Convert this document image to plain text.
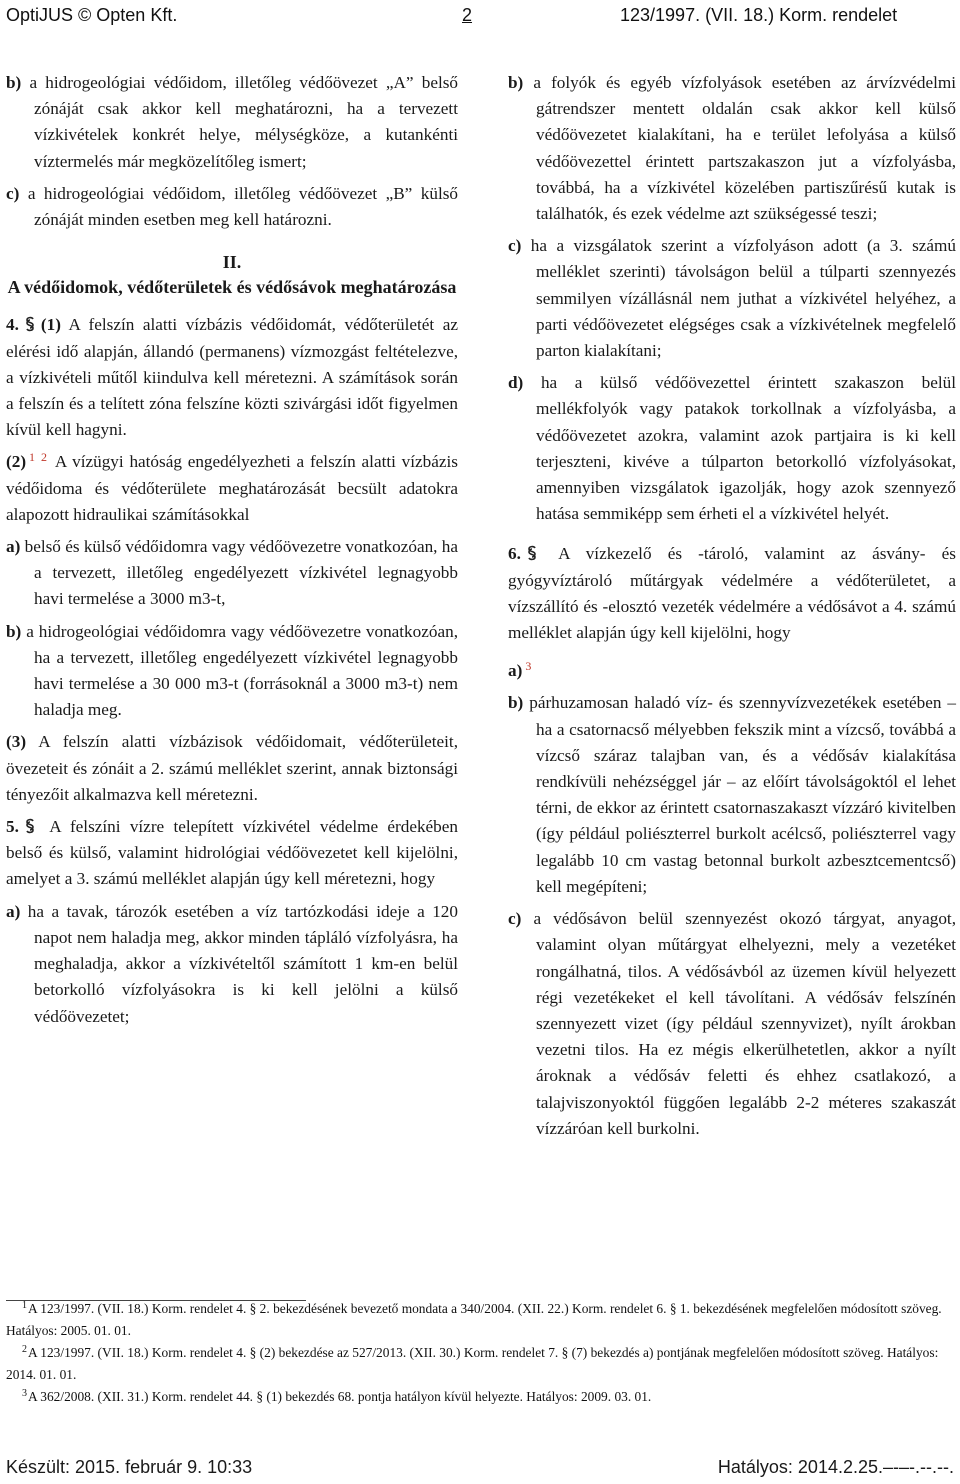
OptiJUS © Opten Kft.	2	123/1997. (VII. 18.) Korm. rendelet

b) a hidrogeológiai védőidom, illetőleg védőövezet „A” belső zónáját csak akkor kell meghatározni, ha a tervezett vízkivételek konkrét helye, mélységköze, a kutankénti víztermelés már megközelítőleg ismert;

c) a hidrogeológiai védőidom, illetőleg védőövezet „B” külső zónáját minden esetben meg kell határozni.

II.
A védőidomok, védőterületek és védősávok meghatározása

4. (1) A felszín alatti vízbázis védőidomát, védőterületét az elérési idő alapján, állandó (permanens) vízmozgást feltételezve, a vízkivételi műtől kiindulva kell méretezni. A számítások során a felszín és a telített zóna felszíne közti szivárgási időt figyelmen kívül kell hagyni.

(2) $^1$ $^2$ A vízügyi hatóság engedélyezheti a felszín alatti vízbázis védőidoma és védőterülete meghatározását becsült adatokra alapozott hidraulikai számításokkal

a) belső és külső védőidomra vagy védőövezetre vonatkozóan, ha a tervezett, illetőleg engedélyezett vízkivétel legnagyobb havi termelése a 3000 m3-t,

b) a hidrogeológiai védőidomra vagy védőövezetre vonatkozóan, ha a tervezett, illetőleg engedélyezett vízkivétel legnagyobb havi termelése a 30 000 m3-t (forrásoknál a 3000 m3-t) nem haladja meg.

(3) A felszín alatti vízbázisok védőidomait, védőterületeit, övezeteit és zónáit a 2. számú melléklet szerint, annak biztonsági tényezőit alkalmazva kell méretezni.

5. A felszíni vízre telepített vízkivétel védelme érdekében belső és külső, valamint hidrológiai védőövezetet kell kijelölni, amelyet a 3. számú melléklet alapján úgy kell méretezni, hogy

a) ha a tavak, tározók esetében a víz tartózkodási ideje a 120 napot nem haladja meg, akkor minden tápláló vízfolyásra, ha meghaladja, akkor a vízkivételtől számított 1 km-en belül betorkolló vízfolyásokra is ki kell jelölni a külső védőövezetet;

b) a folyók és egyéb vízfolyások esetében az árvízvédelmi gátrendszer mentett oldalán csak akkor kell külső védőövezetet kialakítani, ha e terület lefolyása a külső védőövezettel érintett partszakaszon jut a vízfolyásba, továbbá, ha a vízkivétel közelében partiszűrésű kutak is találhatók, és ezek védelme azt szükségessé teszi;

c) ha a vizsgálatok szerint a vízfolyáson adott (a 3. számú melléklet szerinti) távolságon belül a túlparti szennyezés semmilyen vízállásnál nem juthat a vízkivétel helyéhez, a parti védőövezetet elégséges csak a vízkivételnek megfelelő parton kialakítani;

d) ha a külső védőövezettel érintett szakaszon belül mellékfolyók vagy patakok torkollnak a vízfolyásba, a védőövezetet azokra, valamint azok partjaira is ki kell terjeszteni, kivéve a túlparton betorkolló vízfolyásokat, amennyiben vizsgálatok igazolják, hogy azok szennyező hatása semmiképp sem érheti el a vízkivétel helyét.

6. A vízkezelő és -tároló, valamint az ásvány- és gyógyvíztároló műtárgyak védelmére a védőterületet, a vízszállító és -elosztó vezeték védelmére a védősávot a 4. számú melléklet alapján úgy kell kijelölni, hogy

a) $^3$

b) párhuzamosan haladó víz- és szennyvízvezetékek esetében – ha a csatornacső mélyebben fekszik mint a vízcső, továbbá a vízcső száraz talajban van, és a védősáv kialakítása rendkívüli nehézséggel jár – az előírt távolságoktól el lehet térni, de ekkor az érintett csatornaszakaszt vízzáró kivitelben (így például poliészterrel burkolt acélcső, poliészterrel vagy legalább 10 cm vastag betonnal burkolt azbesztcementcső) kell megépíteni;

c) a védősávon belül szennyezést okozó tárgyat, anyagot, valamint olyan műtárgyat elhelyezni, mely a vezetéket rongálhatná, tilos. A védősávból az üzemen kívül helyezett régi vezetékeket el kell távolítani. A védősáv felszínén szennyezett vizet (így például szennyvizet), nyílt árokban vezetni tilos. Ha ez mégis elkerülhetetlen, akkor a nyílt ároknak a védősáv feletti és ehhez csatlakozó, a talajviszonyoktól függően legalább 2-2 méteres szakaszát vízzáróan kell burkolni.

$^1$A 123/1997. (VII. 18.) Korm. rendelet 4. § 2. bekezdésének bevezető mondata a 340/2004. (XII. 22.) Korm. rendelet 6. § 1. bekezdésének megfelelően módosított szöveg. Hatályos: 2005. 01. 01.

$^2$A 123/1997. (VII. 18.) Korm. rendelet 4. § (2) bekezdése az 527/2013. (XII. 30.) Korm. rendelet 7. § (7) bekezdés a) pontjának megfelelően módosított szöveg. Hatályos: 2014. 01. 01.

$^3$A 362/2008. (XII. 31.) Korm. rendelet 44. § (1) bekezdés 68. pontja hatályon kívül helyezte. Hatályos: 2009. 03. 01.

Készült: 2015. február 9. 10:33	Hatályos: 2014.2.25.–-–-.--.--.
